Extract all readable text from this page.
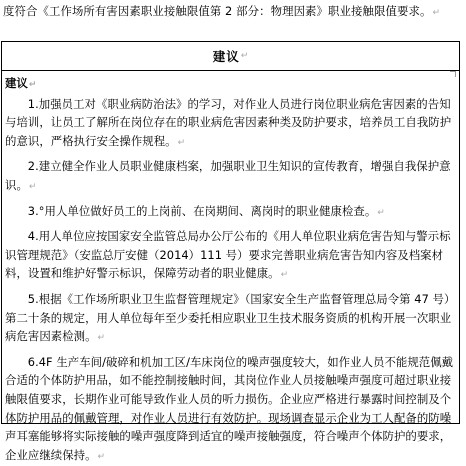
度符合《工作场所有害因素职业接触限值第 2 部分：物理因素》职业接触限值要求。↵
建议 ↵
建议↵
1.加强员工对《职业病防治法》的学习，对作业人员进行岗位职业病危害因素的告知与培训，让员工了解所在岗位存在的职业病危害因素种类及防护要求，培养员工自我防护的意识，严格执行安全操作规程。↵
2.建立健全作业人员职业健康档案，加强职业卫生知识的宣传教育，增强自我保护意识。↵
3.°用人单位做好员工的上岗前、在岗期间、离岗时的职业健康检查。↵
4.用人单位应按国家安全监管总局办公厅公布的《用人单位职业病危害告知与警示标识管理规范》（安监总厅安健（2014）111 号）要求完善职业病危害告知内容及档案材料，设置和维护好警示标识，保障劳动者的职业健康。↵
5.根据《工作场所职业卫生监督管理规定》（国家安全生产监督管理总局令第 47 号）第二十条的规定，用人单位每年至少委托相应职业卫生技术服务资质的机构开展一次职业病危害因素检测。↵
6.4F 生产车间/破碎和机加工区/车床岗位的噪声强度较大，如作业人员不能规范佩戴合适的个体防护用品，如不能控制接触时间，其岗位作业人员接触噪声强度可超过职业接触限值要求，长期作业可能导致作业人员的听力损伤。企业应严格进行暴露时间控制及个体防护用品的佩戴管理，对作业人员进行有效防护。现场调查显示企业为工人配备的防噪声耳塞能够将实际接触的噪声强度降到适宜的噪声接触强度，符合噪声个体防护的要求，企业应继续保持。↵
